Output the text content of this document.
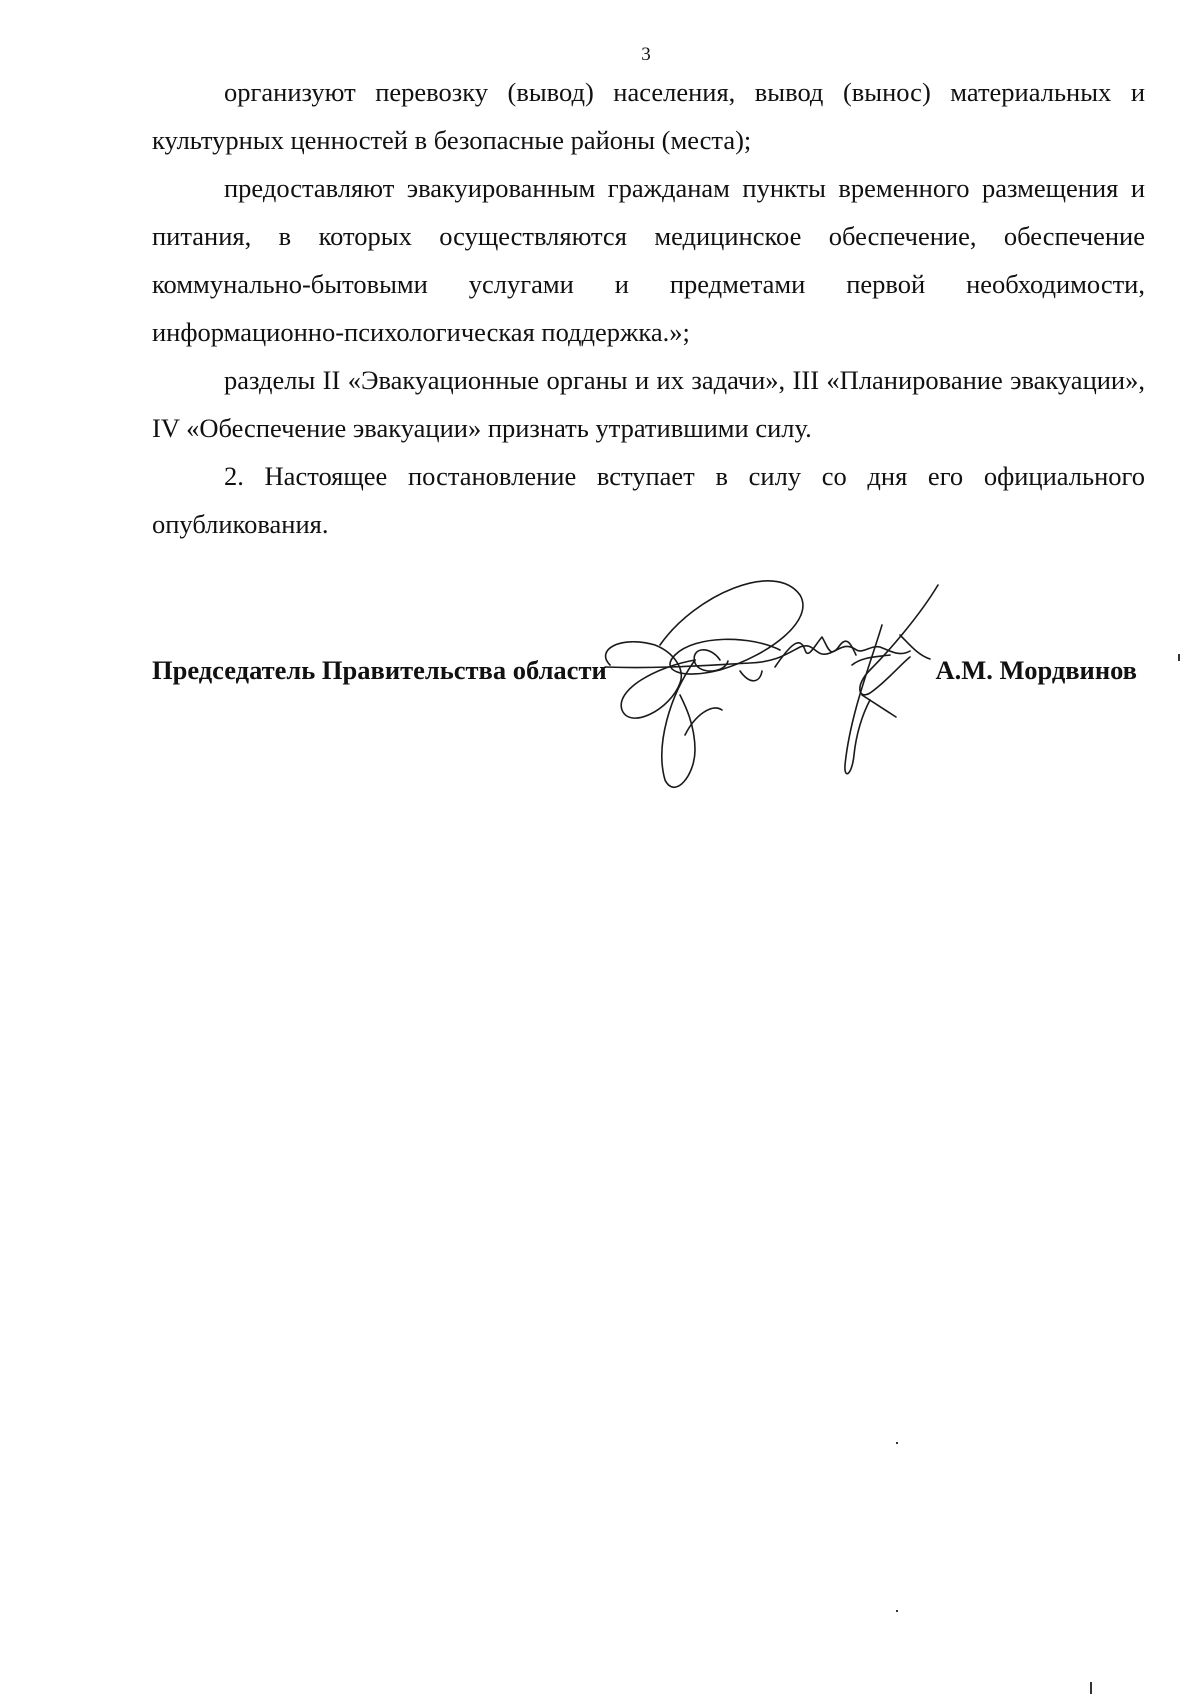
3

организуют перевозку (вывод) населения, вывод (вынос) материальных и культурных ценностей в безопасные районы (места);

предоставляют эвакуированным гражданам пункты временного размещения и питания, в которых осуществляются медицинское обеспечение, обеспечение коммунально-бытовыми услугами и предметами первой необходимости, информационно-психологическая поддержка.»;

разделы II «Эвакуационные органы и их задачи», III «Планирование эвакуации», IV «Обеспечение эвакуации» признать утратившими силу.

2. Настоящее постановление вступает в силу со дня его официального опубликования.

Председатель Правительства области	А.М. Мордвинов
